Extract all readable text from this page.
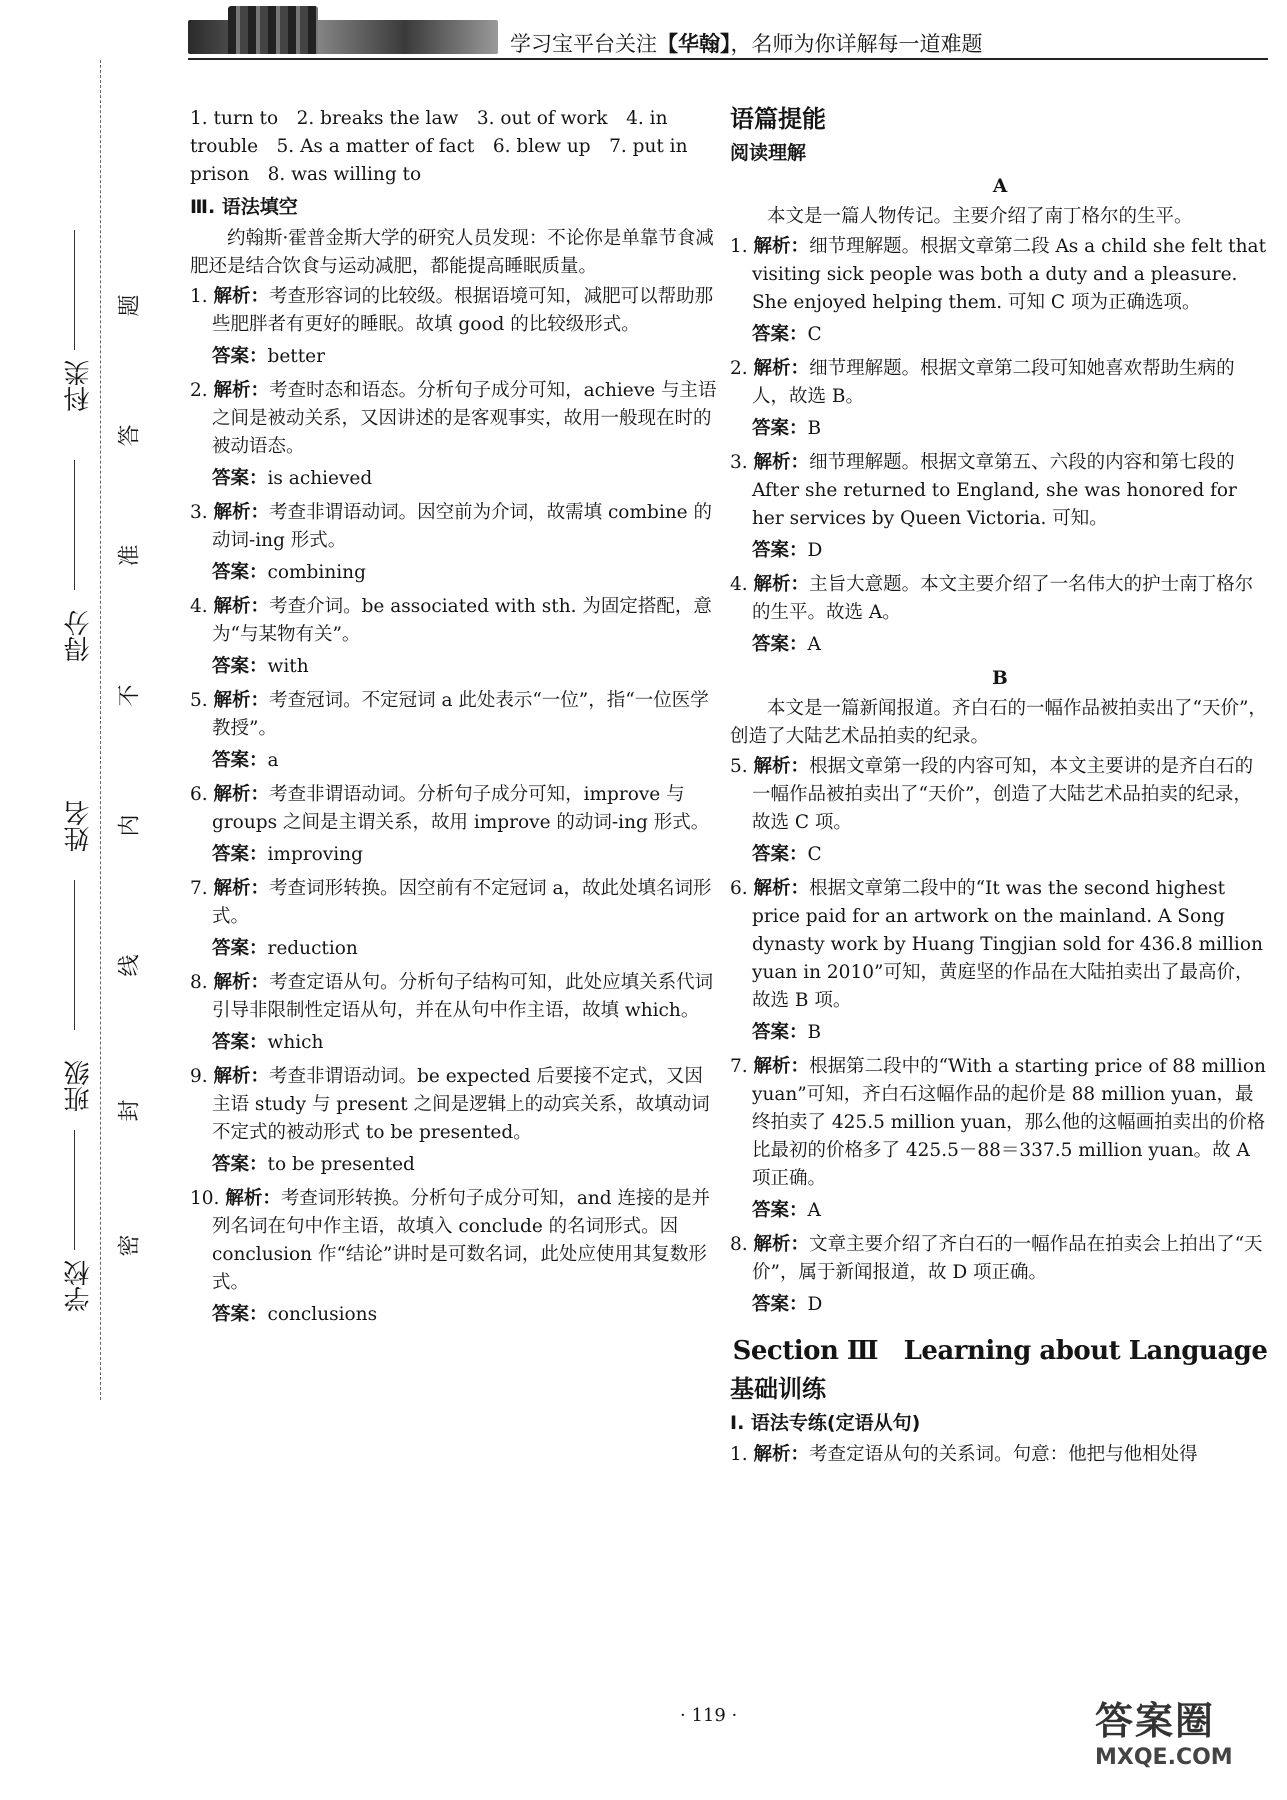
学习宝平台关注【华翰】，名师为你详解每一道难题
科类
得分
姓名
班级
学校
题
答
准
不
内
线
封
密

1. turn to　2. breaks the law　3. out of work　4. in trouble　5. As a matter of fact　6. blew up　7. put in prison　8. was willing to

Ⅲ. 语法填空

约翰斯·霍普金斯大学的研究人员发现：不论你是单靠节食减肥还是结合饮食与运动减肥，都能提高睡眠质量。

1. 解析：考查形容词的比较级。根据语境可知，减肥可以帮助那些肥胖者有更好的睡眠。故填 good 的比较级形式。

答案：better

2. 解析：考查时态和语态。分析句子成分可知，achieve 与主语之间是被动关系，又因讲述的是客观事实，故用一般现在时的被动语态。

答案：is achieved

3. 解析：考查非谓语动词。因空前为介词，故需填 combine 的动词-ing 形式。

答案：combining

4. 解析：考查介词。be associated with sth. 为固定搭配，意为“与某物有关”。

答案：with

5. 解析：考查冠词。不定冠词 a 此处表示“一位”，指“一位医学教授”。

答案：a

6. 解析：考查非谓语动词。分析句子成分可知，improve 与 groups 之间是主谓关系，故用 improve 的动词-ing 形式。

答案：improving

7. 解析：考查词形转换。因空前有不定冠词 a，故此处填名词形式。

答案：reduction

8. 解析：考查定语从句。分析句子结构可知，此处应填关系代词引导非限制性定语从句，并在从句中作主语，故填 which。

答案：which

9. 解析：考查非谓语动词。be expected 后要接不定式，又因主语 study 与 present 之间是逻辑上的动宾关系，故填动词不定式的被动形式 to be presented。

答案：to be presented

10. 解析：考查词形转换。分析句子成分可知，and 连接的是并列名词在句中作主语，故填入 conclude 的名词形式。因 conclusion 作“结论”讲时是可数名词，此处应使用其复数形式。

答案：conclusions

语篇提能

阅读理解

A

本文是一篇人物传记。主要介绍了南丁格尔的生平。

1. 解析：细节理解题。根据文章第二段 As a child she felt that visiting sick people was both a duty and a pleasure. She enjoyed helping them. 可知 C 项为正确选项。

答案：C

2. 解析：细节理解题。根据文章第二段可知她喜欢帮助生病的人，故选 B。

答案：B

3. 解析：细节理解题。根据文章第五、六段的内容和第七段的 After she returned to England, she was honored for her services by Queen Victoria. 可知。

答案：D

4. 解析：主旨大意题。本文主要介绍了一名伟大的护士南丁格尔的生平。故选 A。

答案：A

B

本文是一篇新闻报道。齐白石的一幅作品被拍卖出了“天价”，创造了大陆艺术品拍卖的纪录。

5. 解析：根据文章第一段的内容可知，本文主要讲的是齐白石的一幅作品被拍卖出了“天价”，创造了大陆艺术品拍卖的纪录，故选 C 项。

答案：C

6. 解析：根据文章第二段中的“It was the second highest price paid for an artwork on the mainland. A Song dynasty work by Huang Tingjian sold for 436.8 million yuan in 2010”可知，黄庭坚的作品在大陆拍卖出了最高价，故选 B 项。

答案：B

7. 解析：根据第二段中的“With a starting price of 88 million yuan”可知，齐白石这幅作品的起价是 88 million yuan，最终拍卖了 425.5 million yuan，那么他的这幅画拍卖出的价格比最初的价格多了 425.5－88＝337.5 million yuan。故 A 项正确。

答案：A

8. 解析：文章主要介绍了齐白石的一幅作品在拍卖会上拍出了“天价”，属于新闻报道，故 D 项正确。

答案：D

Section Ⅲ　Learning about Language

基础训练

Ⅰ. 语法专练(定语从句)

1. 解析：考查定语从句的关系词。句意：他把与他相处得

· 119 ·	答案圈
MXQE.COM
